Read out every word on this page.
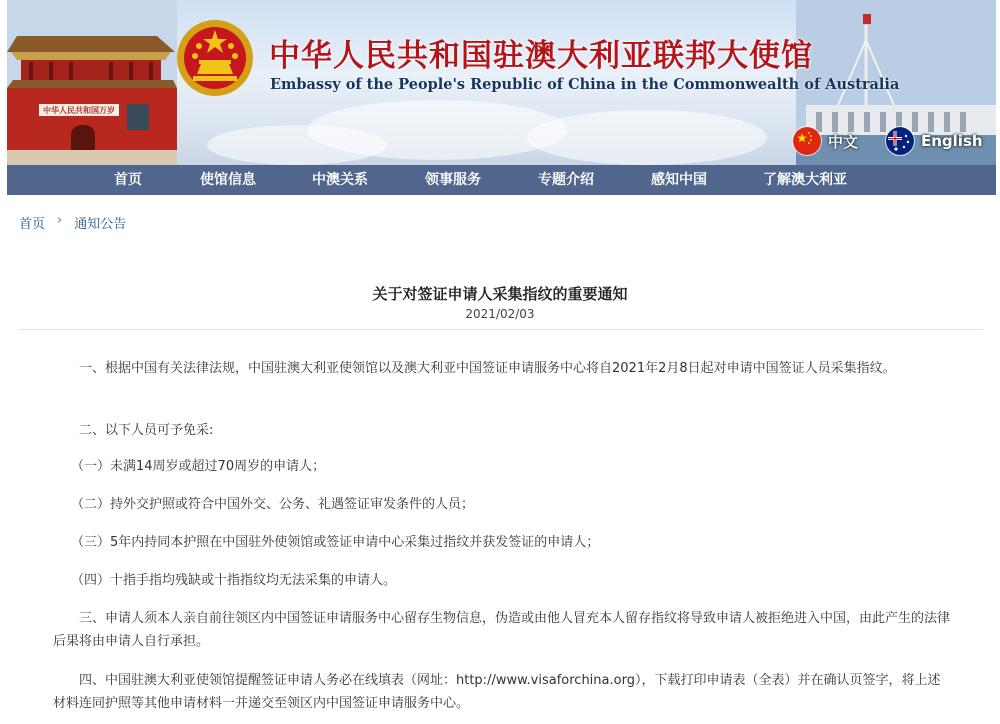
中华人民共和国万岁
中华人民共和国驻澳大利亚联邦大使馆
Embassy of the People's Republic of China in the Commonwealth of Australia
中文	English
首页	使馆信息	中澳关系	领事服务	专题介绍	感知中国	了解澳大利亚
首页 › 通知公告
关于对签证申请人采集指纹的重要通知
2021/02/03

一、根据中国有关法律法规，中国驻澳大利亚使领馆以及澳大利亚中国签证申请服务中心将自2021年2月8日起对申请中国签证人员采集指纹。

二、以下人员可予免采:

（一）未满14周岁或超过70周岁的申请人；

（二）持外交护照或符合中国外交、公务、礼遇签证审发条件的人员；

（三）5年内持同本护照在中国驻外使领馆或签证申请中心采集过指纹并获发签证的申请人；

（四）十指手指均残缺或十指指纹均无法采集的申请人。

三、申请人须本人亲自前往领区内中国签证申请服务中心留存生物信息，伪造或由他人冒充本人留存指纹将导致申请人被拒绝进入中国，由此产生的法律后果将由申请人自行承担。

四、中国驻澳大利亚使领馆提醒签证申请人务必在线填表（网址：http://www.visaforchina.org），下载打印申请表（全表）并在确认页签字，将上述材料连同护照等其他申请材料一并递交至领区内中国签证申请服务中心。
